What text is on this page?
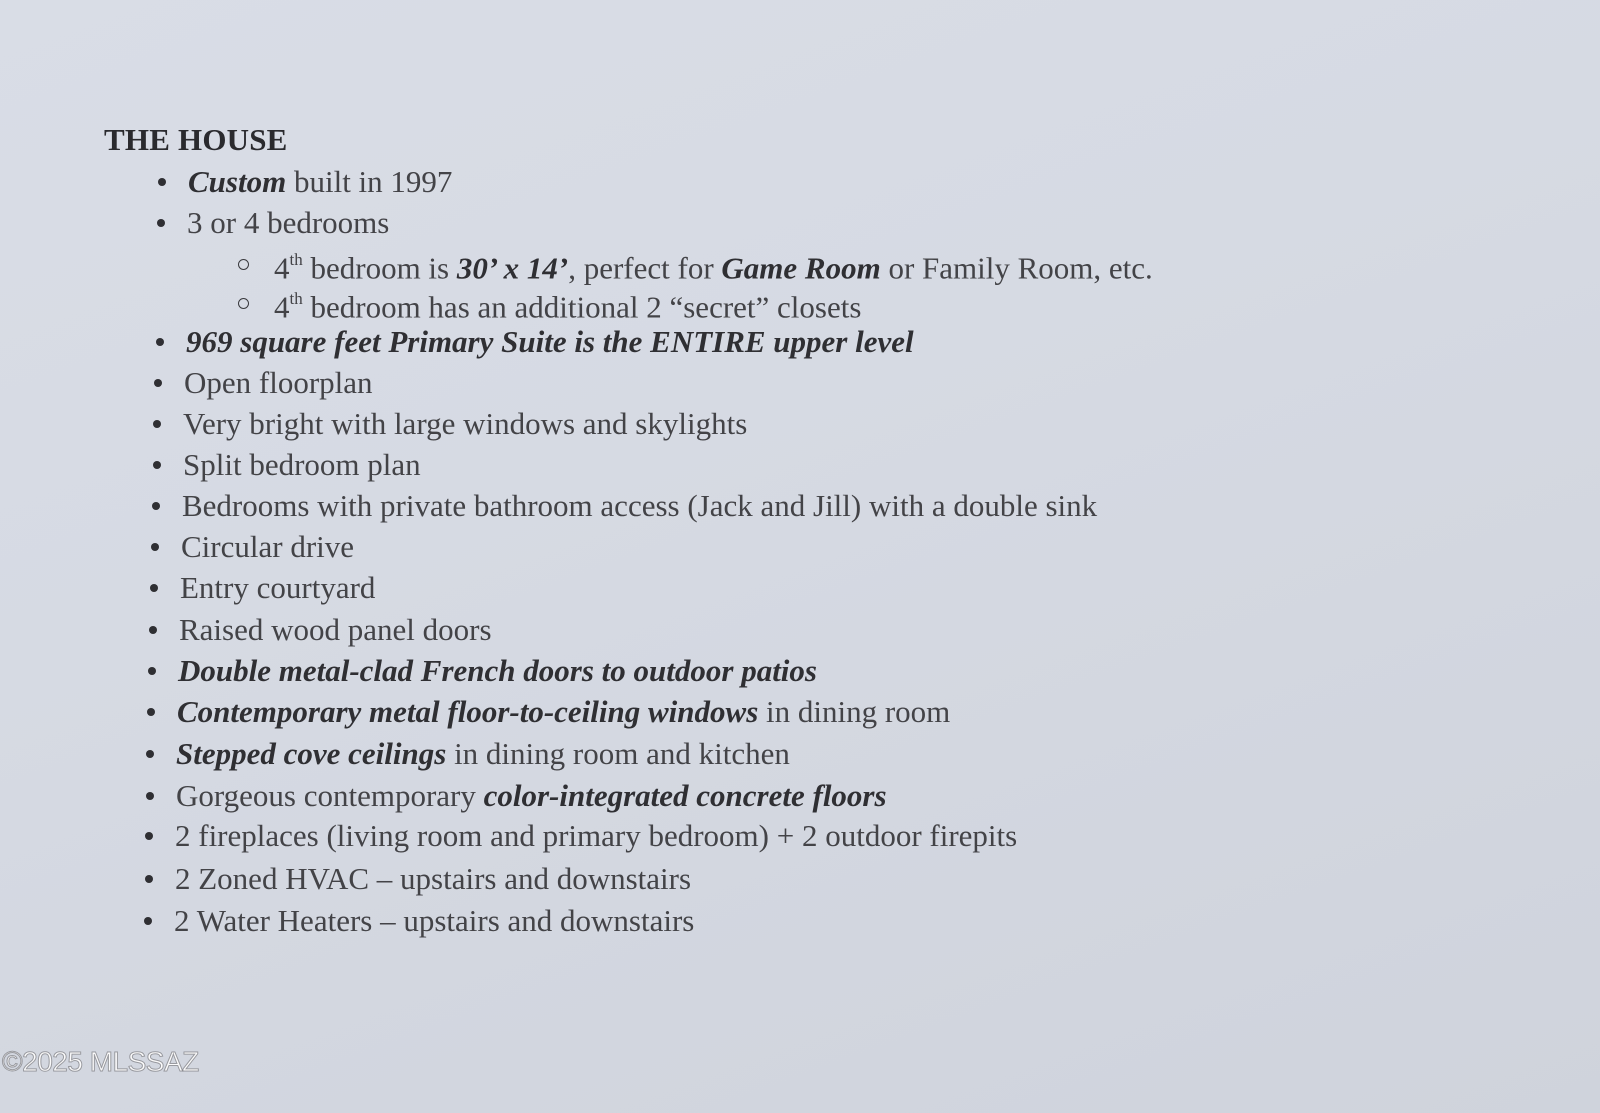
THE HOUSE
Custom built in 1997
3 or 4 bedrooms
4th bedroom is 30’ x 14’, perfect for Game Room or Family Room, etc.
4th bedroom has an additional 2 “secret” closets
969 square feet Primary Suite is the ENTIRE upper level
Open floorplan
Very bright with large windows and skylights
Split bedroom plan
Bedrooms with private bathroom access (Jack and Jill) with a double sink
Circular drive
Entry courtyard
Raised wood panel doors
Double metal-clad French doors to outdoor patios
Contemporary metal floor-to-ceiling windows in dining room
Stepped cove ceilings in dining room and kitchen
Gorgeous contemporary color-integrated concrete floors
2 fireplaces (living room and primary bedroom) + 2 outdoor firepits
2 Zoned HVAC – upstairs and downstairs
2 Water Heaters – upstairs and downstairs
©2025 MLSSAZ
